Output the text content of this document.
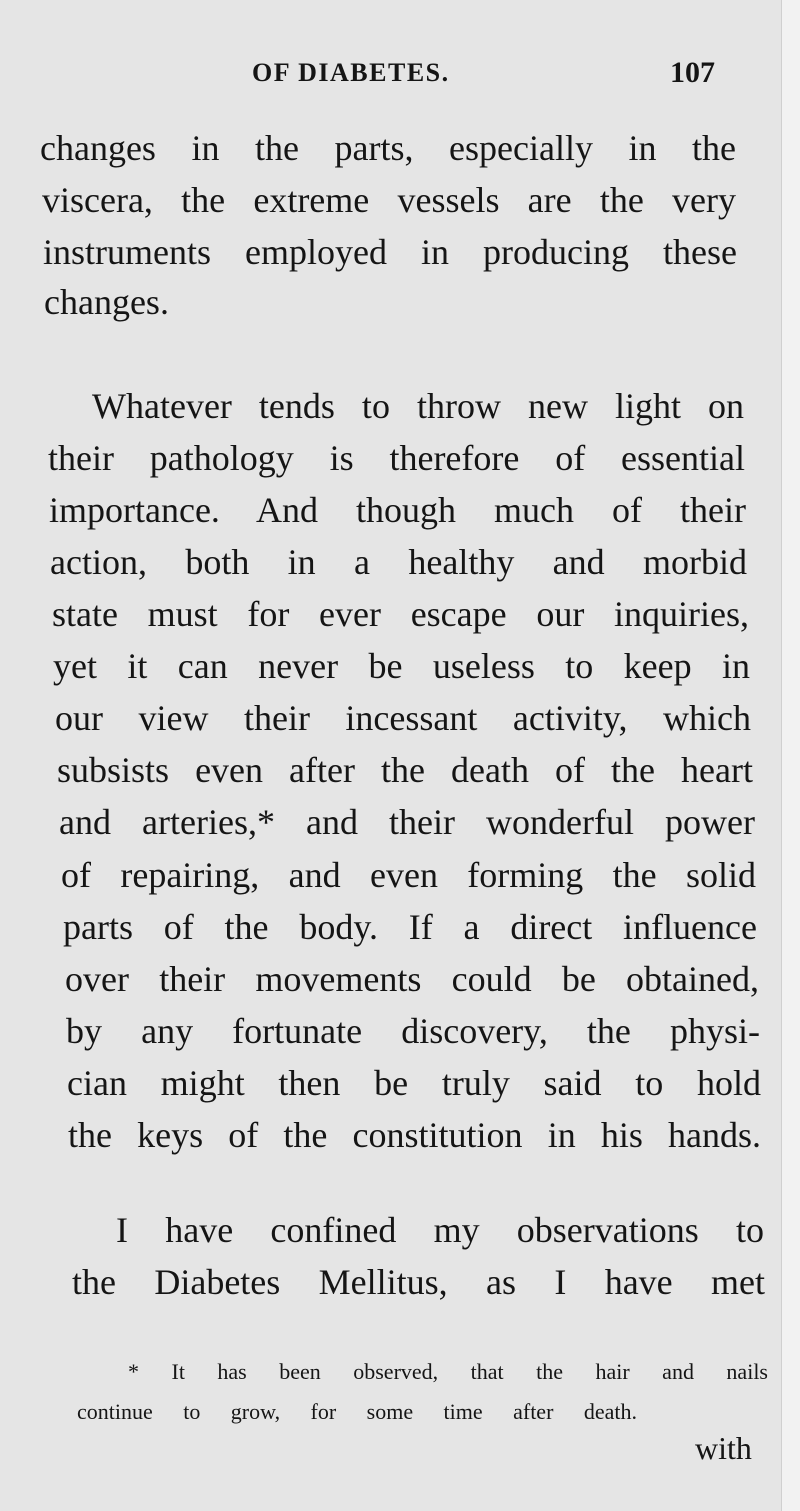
OF DIABETES.	107
changes in the parts, especially in the
viscera, the extreme vessels are the very
instruments employed in producing these
changes.
Whatever tends to throw new light on
their pathology is therefore of essential
importance. And though much of their
action, both in a healthy and morbid
state must for ever escape our inquiries,
yet it can never be useless to keep in
our view their incessant activity, which
subsists even after the death of the heart
and arteries,* and their wonderful power
of repairing, and even forming the solid
parts of the body. If a direct influence
over their movements could be obtained,
by any fortunate discovery, the physi-
cian might then be truly said to hold
the keys of the constitution in his hands.
I have confined my observations to
the Diabetes Mellitus, as I have met
* It has been observed, that the hair and nails
continue to grow, for some time after death.
with
